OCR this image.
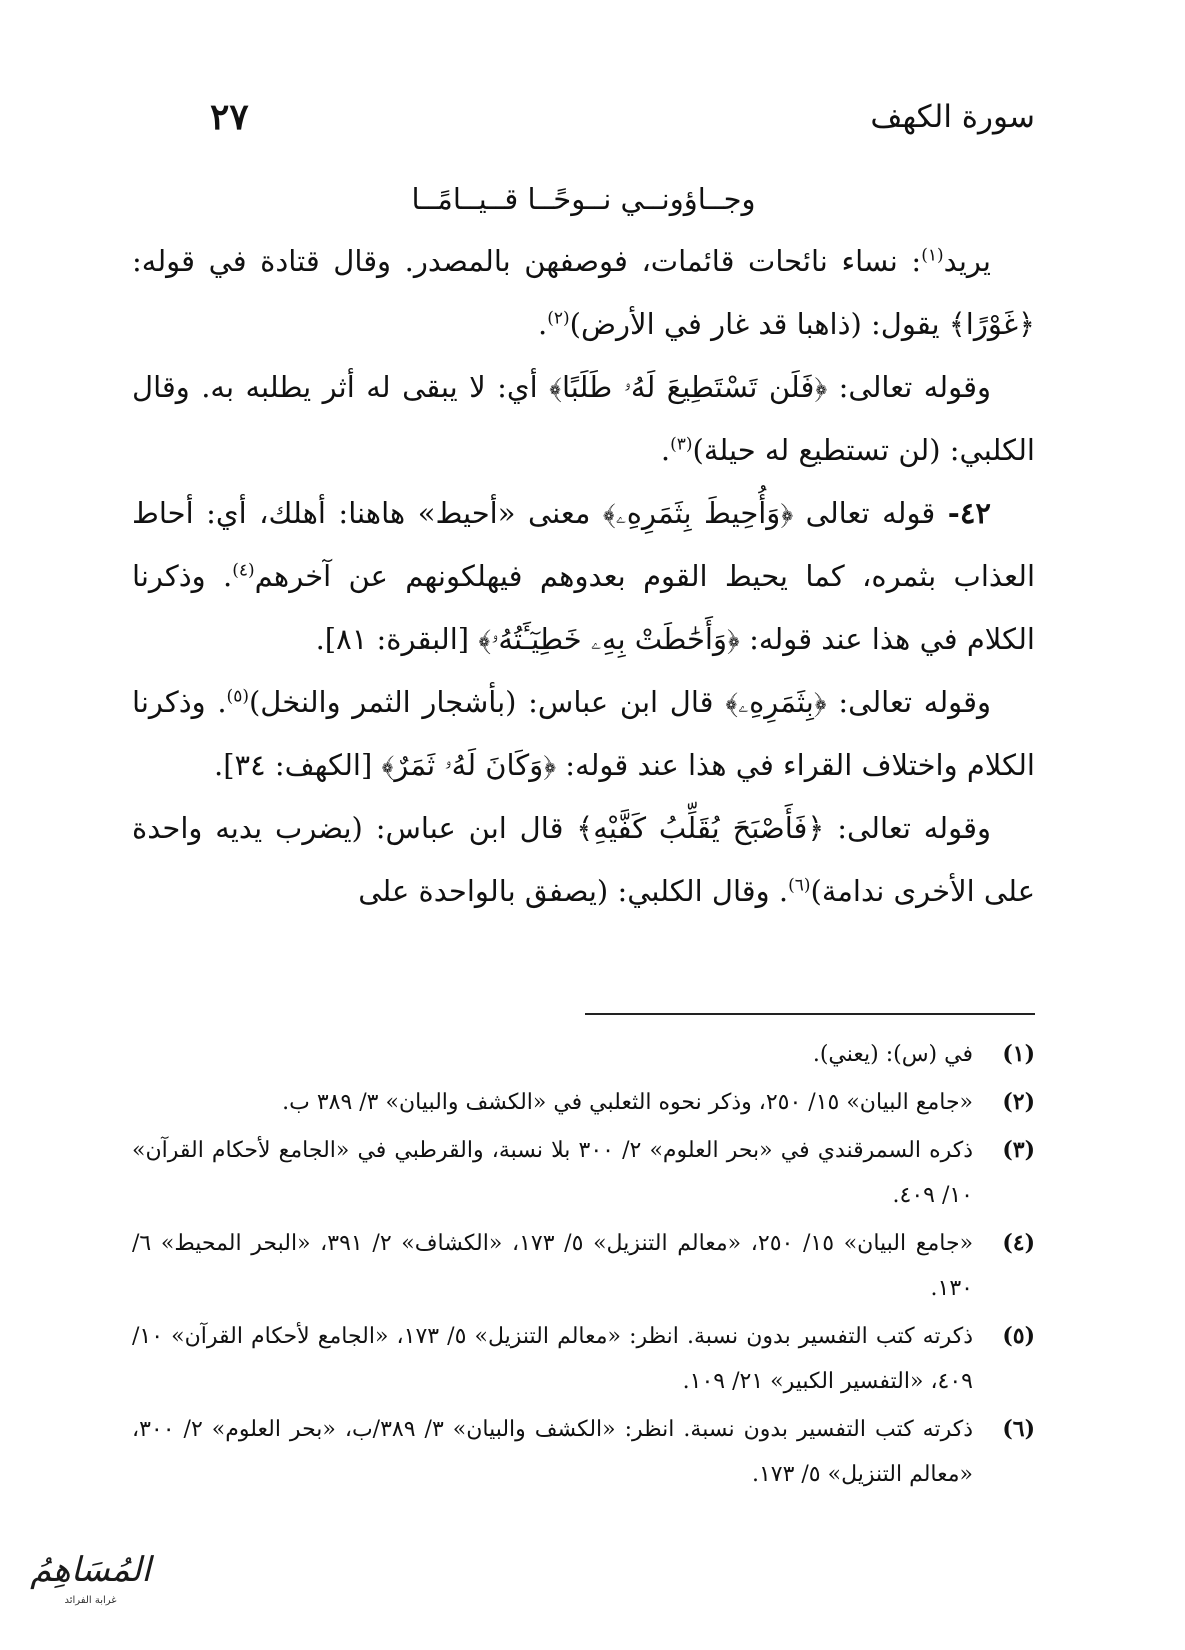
سورة الكهف
٢٧

وجــاؤونــي نــوحًــا قــيــامًــا

يريد$^{(١)}$: نساء نائحات قائمات، فوصفهن بالمصدر. وقال قتادة في قوله: ﴿غَوْرًا﴾ يقول: (ذاهبا قد غار في الأرض)$^{(٢)}$.

وقوله تعالى: ﴿فَلَن تَسْتَطِيعَ لَهُۥ طَلَبًا﴾ أي: لا يبقى له أثر يطلبه به. وقال الكلبي: (لن تستطيع له حيلة)$^{(٣)}$.

٤٢- قوله تعالى ﴿وَأُحِيطَ بِثَمَرِهِۦ﴾ معنى «أحيط» هاهنا: أهلك، أي: أحاط العذاب بثمره، كما يحيط القوم بعدوهم فيهلكونهم عن آخرهم$^{(٤)}$. وذكرنا الكلام في هذا عند قوله: ﴿وَأَحَٰطَتْ بِهِۦ خَطِيٓـَٔتُهُۥ﴾ [البقرة: ٨١].

وقوله تعالى: ﴿بِثَمَرِهِۦ﴾ قال ابن عباس: (بأشجار الثمر والنخل)$^{(٥)}$. وذكرنا الكلام واختلاف القراء في هذا عند قوله: ﴿وَكَانَ لَهُۥ ثَمَرٌ﴾ [الكهف: ٣٤].

وقوله تعالى: ﴿فَأَصْبَحَ يُقَلِّبُ كَفَّيْهِ﴾ قال ابن عباس: (يضرب يديه واحدة على الأخرى ندامة)$^{(٦)}$. وقال الكلبي: (يصفق بالواحدة على

(١)
في (س): (يعني).

(٢)
«جامع البيان» ١٥/ ٢٥٠، وذكر نحوه الثعلبي في «الكشف والبيان» ٣/ ٣٨٩ ب.

(٣)
ذكره السمرقندي في «بحر العلوم» ٢/ ٣٠٠ بلا نسبة، والقرطبي في «الجامع لأحكام القرآن» ١٠/ ٤٠٩.

(٤)
«جامع البيان» ١٥/ ٢٥٠، «معالم التنزيل» ٥/ ١٧٣، «الكشاف» ٢/ ٣٩١، «البحر المحيط» ٦/ ١٣٠.

(٥)
ذكرته كتب التفسير بدون نسبة. انظر: «معالم التنزيل» ٥/ ١٧٣، «الجامع لأحكام القرآن» ١٠/ ٤٠٩، «التفسير الكبير» ٢١/ ١٠٩.

(٦)
ذكرته كتب التفسير بدون نسبة. انظر: «الكشف والبيان» ٣/ ٣٨٩/ب، «بحر العلوم» ٢/ ٣٠٠، «معالم التنزيل» ٥/ ١٧٣.

المُسَاهِمُ
غرابة الفرائد
